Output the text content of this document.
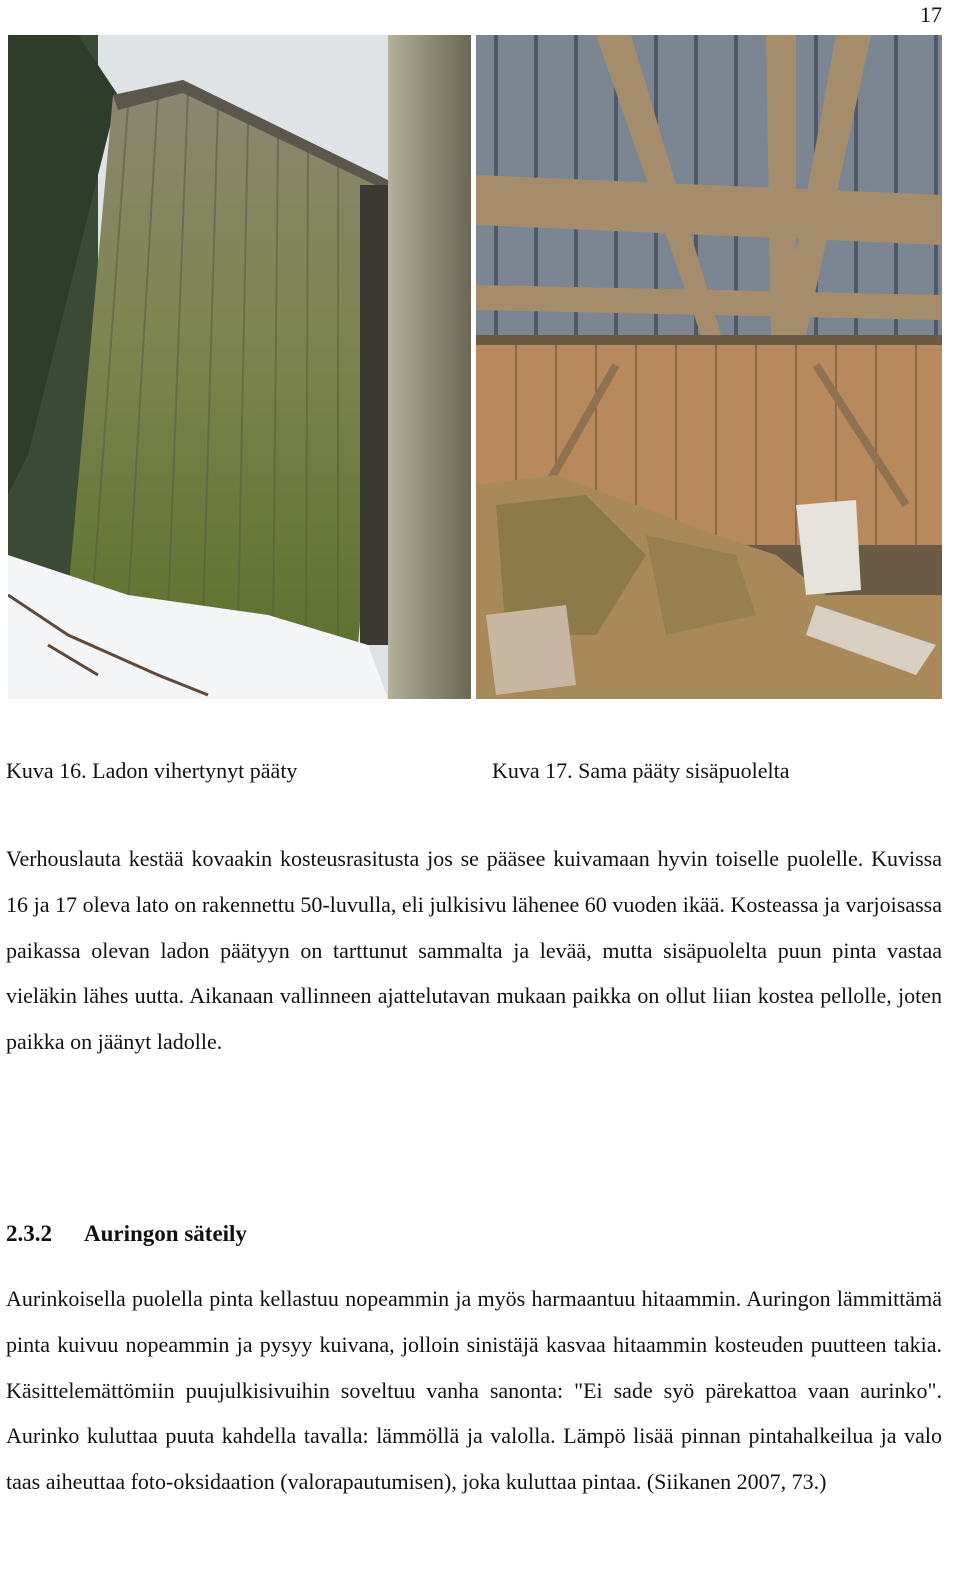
17
Kuva 16. Ladon vihertynyt pääty	Kuva 17. Sama pääty sisäpuolelta

Verhouslauta kestää kovaakin kosteusrasitusta jos se pääsee kuivamaan hyvin toiselle puolelle. Kuvissa 16 ja 17 oleva lato on rakennettu 50-luvulla, eli julkisivu lähenee 60 vuoden ikää. Kosteassa ja varjoisassa paikassa olevan ladon päätyyn on tarttunut sammalta ja levää, mutta sisäpuolelta puun pinta vastaa vieläkin lähes uutta. Aikanaan vallinneen ajattelutavan mukaan paikka on ollut liian kostea pellolle, joten paikka on jäänyt ladolle.

2.3.2 Auringon säteily

Aurinkoisella puolella pinta kellastuu nopeammin ja myös harmaantuu hitaammin. Auringon lämmittämä pinta kuivuu nopeammin ja pysyy kuivana, jolloin sinistäjä kasvaa hitaammin kosteuden puutteen takia. Käsittelemättömiin puujulkisivuihin soveltuu vanha sanonta: "Ei sade syö pärekattoa vaan aurinko". Aurinko kuluttaa puuta kahdella tavalla: lämmöllä ja valolla. Lämpö lisää pinnan pintahalkeilua ja valo taas aiheuttaa foto-oksidaation (valorapautumisen), joka kuluttaa pintaa. (Siikanen 2007, 73.)
